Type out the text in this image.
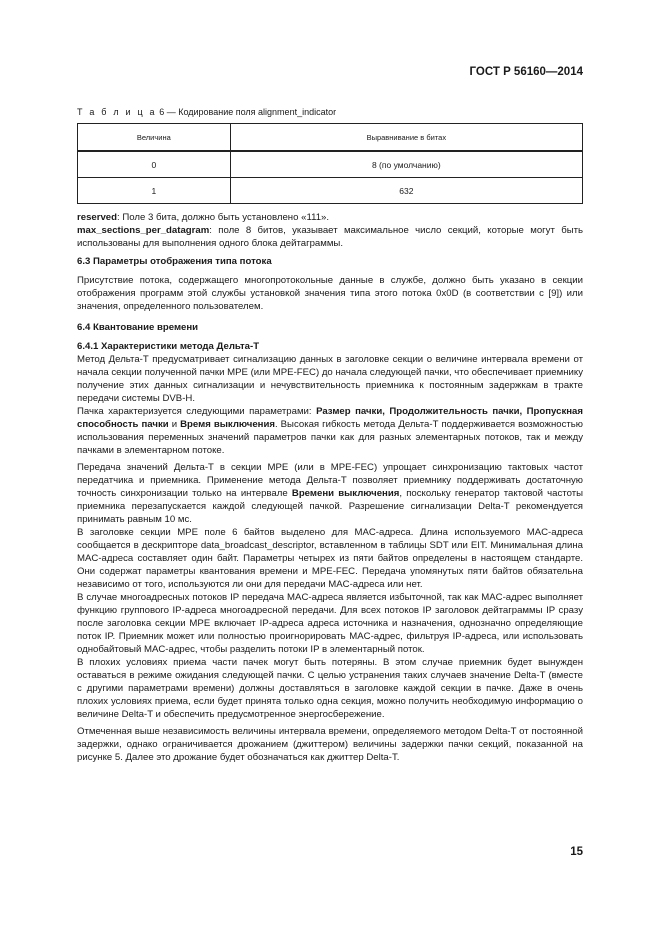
ГОСТ Р 56160—2014
Т а б л и ц а 6 — Кодирование поля alignment_indicator
Величина	Выравнивание в битах
0	8 (по умолчанию)
1	632

reserved: Поле 3 бита, должно быть установлено «111».

max_sections_per_datagram: поле 8 битов, указывает максимальное число секций, которые могут быть использованы для выполнения одного блока дейтаграммы.

6.3 Параметры отображения типа потока

Присутствие потока, содержащего многопротокольные данные в службе, должно быть указано в секции отображения программ этой службы установкой значения типа этого потока 0x0D (в соответствии с [9]) или значения, определенного пользователем.

6.4 Квантование времени

6.4.1 Характеристики метода Дельта-Т

Метод Дельта-Т предусматривает сигнализацию данных в заголовке секции о величине интервала времени от начала секции полученной пачки MPE (или MPE-FEC) до начала следующей пачки, что обеспечивает приемнику получение этих данных сигнализации и нечувствительность приемника к постоянным задержкам в тракте передачи системы DVB-H.

Пачка характеризуется следующими параметрами: Размер пачки, Продолжительность пачки, Пропускная способность пачки и Время выключения. Высокая гибкость метода Дельта-Т поддерживается возможностью использования переменных значений параметров пачки как для разных элементарных потоков, так и между пачками в элементарном потоке.

Передача значений Дельта-Т в секции MPE (или в MPE-FEC) упрощает синхронизацию тактовых частот передатчика и приемника. Применение метода Дельта-Т позволяет приемнику поддерживать достаточную точность синхронизации только на интервале Времени выключения, поскольку генератор тактовой частоты приемника перезапускается каждой следующей пачкой. Разрешение сигнализации Delta-T рекомендуется принимать равным 10 мс.

В заголовке секции MPE поле 6 байтов выделено для MAC-адреса. Длина используемого MAC-адреса сообщается в дескрипторе data_broadcast_descriptor, вставленном в таблицы SDT или EIT. Минимальная длина MAC-адреса составляет один байт. Параметры четырех из пяти байтов определены в настоящем стандарте. Они содержат параметры квантования времени и MPE-FEC. Передача упомянутых пяти байтов обязательна независимо от того, используются ли они для передачи MAC-адреса или нет.

В случае многоадресных потоков IP передача MAC-адреса является избыточной, так как MAC-адрес выполняет функцию группового IP-адреса многоадресной передачи. Для всех потоков IP заголовок дейтаграммы IP сразу после заголовка секции MPE включает IP-адреса адреса источника и назначения, однозначно определяющие поток IP. Приемник может или полностью проигнорировать MAC-адрес, фильтруя IP-адреса, или использовать однобайтовый MAC-адрес, чтобы разделить потоки IP в элементарный поток.

В плохих условиях приема части пачек могут быть потеряны. В этом случае приемник будет вынужден оставаться в режиме ожидания следующей пачки. С целью устранения таких случаев значение Delta-T (вместе с другими параметрами времени) должны доставляться в заголовке каждой секции в пачке. Даже в очень плохих условиях приема, если будет принята только одна секция, можно получить необходимую информацию о величине Delta-T и обеспечить предусмотренное энергосбережение.

Отмеченная выше независимость величины интервала времени, определяемого методом Delta-T от постоянной задержки, однако ограничивается дрожанием (джиттером) величины задержки пачки секций, показанной на рисунке 5. Далее это дрожание будет обозначаться как джиттер Delta-T.

15
